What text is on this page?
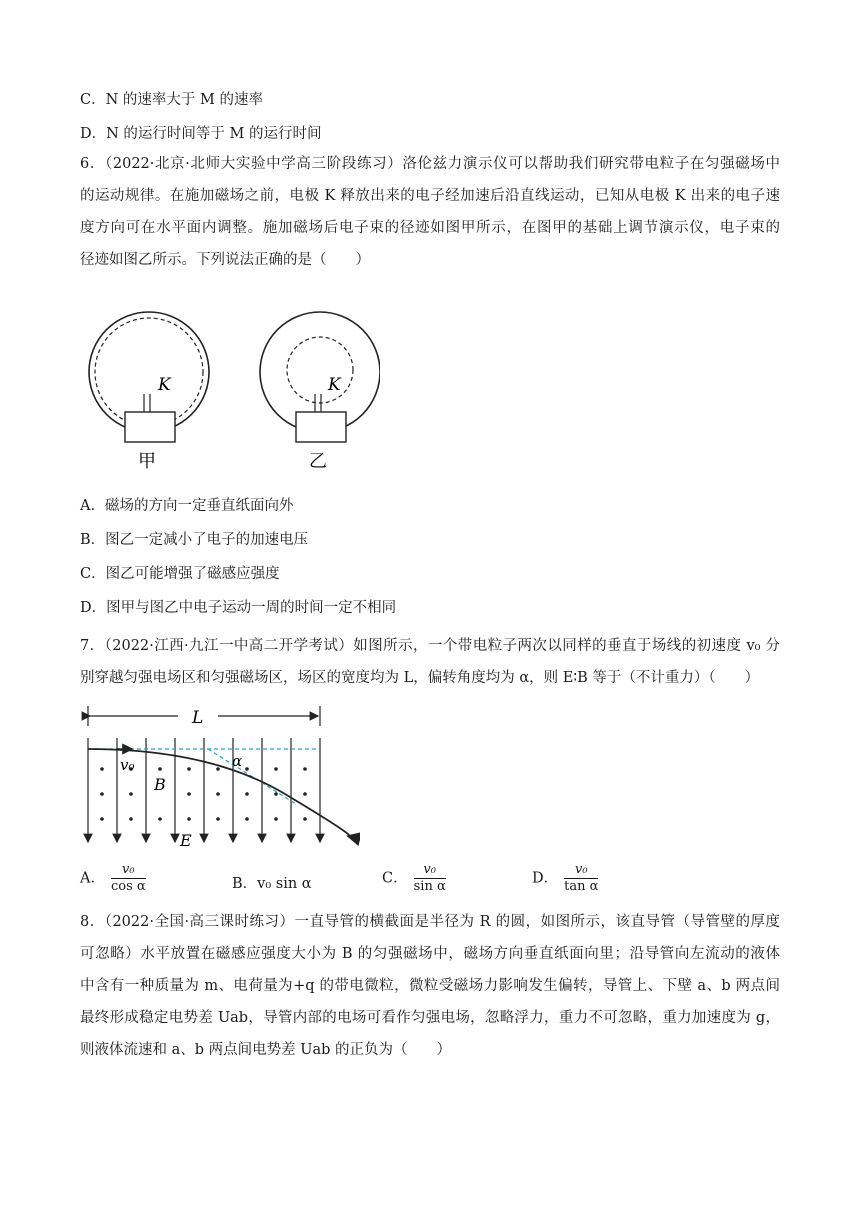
C．N 的速率大于 M 的速率
D．N 的运行时间等于 M 的运行时间
6．（2022·北京·北师大实验中学高三阶段练习）洛伦兹力演示仪可以帮助我们研究带电粒子在匀强磁场中
的运动规律。在施加磁场之前，电极 K 释放出来的电子经加速后沿直线运动，已知从电极 K 出来的电子速
度方向可在水平面内调整。施加磁场后电子束的径迹如图甲所示，在图甲的基础上调节演示仪，电子束的
径迹如图乙所示。下列说法正确的是（　　）
K
甲
K
乙
A．磁场的方向一定垂直纸面向外
B．图乙一定减小了电子的加速电压
C．图乙可能增强了磁感应强度
D．图甲与图乙中电子运动一周的时间一定不相同
7．（2022·江西·九江一中高二开学考试）如图所示，一个带电粒子两次以同样的垂直于场线的初速度 v₀ 分
别穿越匀强电场区和匀强磁场区，场区的宽度均为 L，偏转角度均为 α，则 E∶B 等于（不计重力）（　　）
L
v₀
B
E
α
A． $\frac{\text{v₀}}{\text{cos α}}$	B．v₀ sin α	C． $\frac{\text{v₀}}{\text{sin α}}$	D． $\frac{\text{v₀}}{\text{tan α}}$
8．（2022·全国·高三课时练习）一直导管的横截面是半径为 R 的圆，如图所示，该直导管（导管壁的厚度
可忽略）水平放置在磁感应强度大小为 B 的匀强磁场中，磁场方向垂直纸面向里；沿导管向左流动的液体
中含有一种质量为 m、电荷量为+q 的带电微粒，微粒受磁场力影响发生偏转，导管上、下壁 a、b 两点间
最终形成稳定电势差 Uab，导管内部的电场可看作匀强电场，忽略浮力，重力不可忽略，重力加速度为 g，
则液体流速和 a、b 两点间电势差 Uab 的正负为（　　）
